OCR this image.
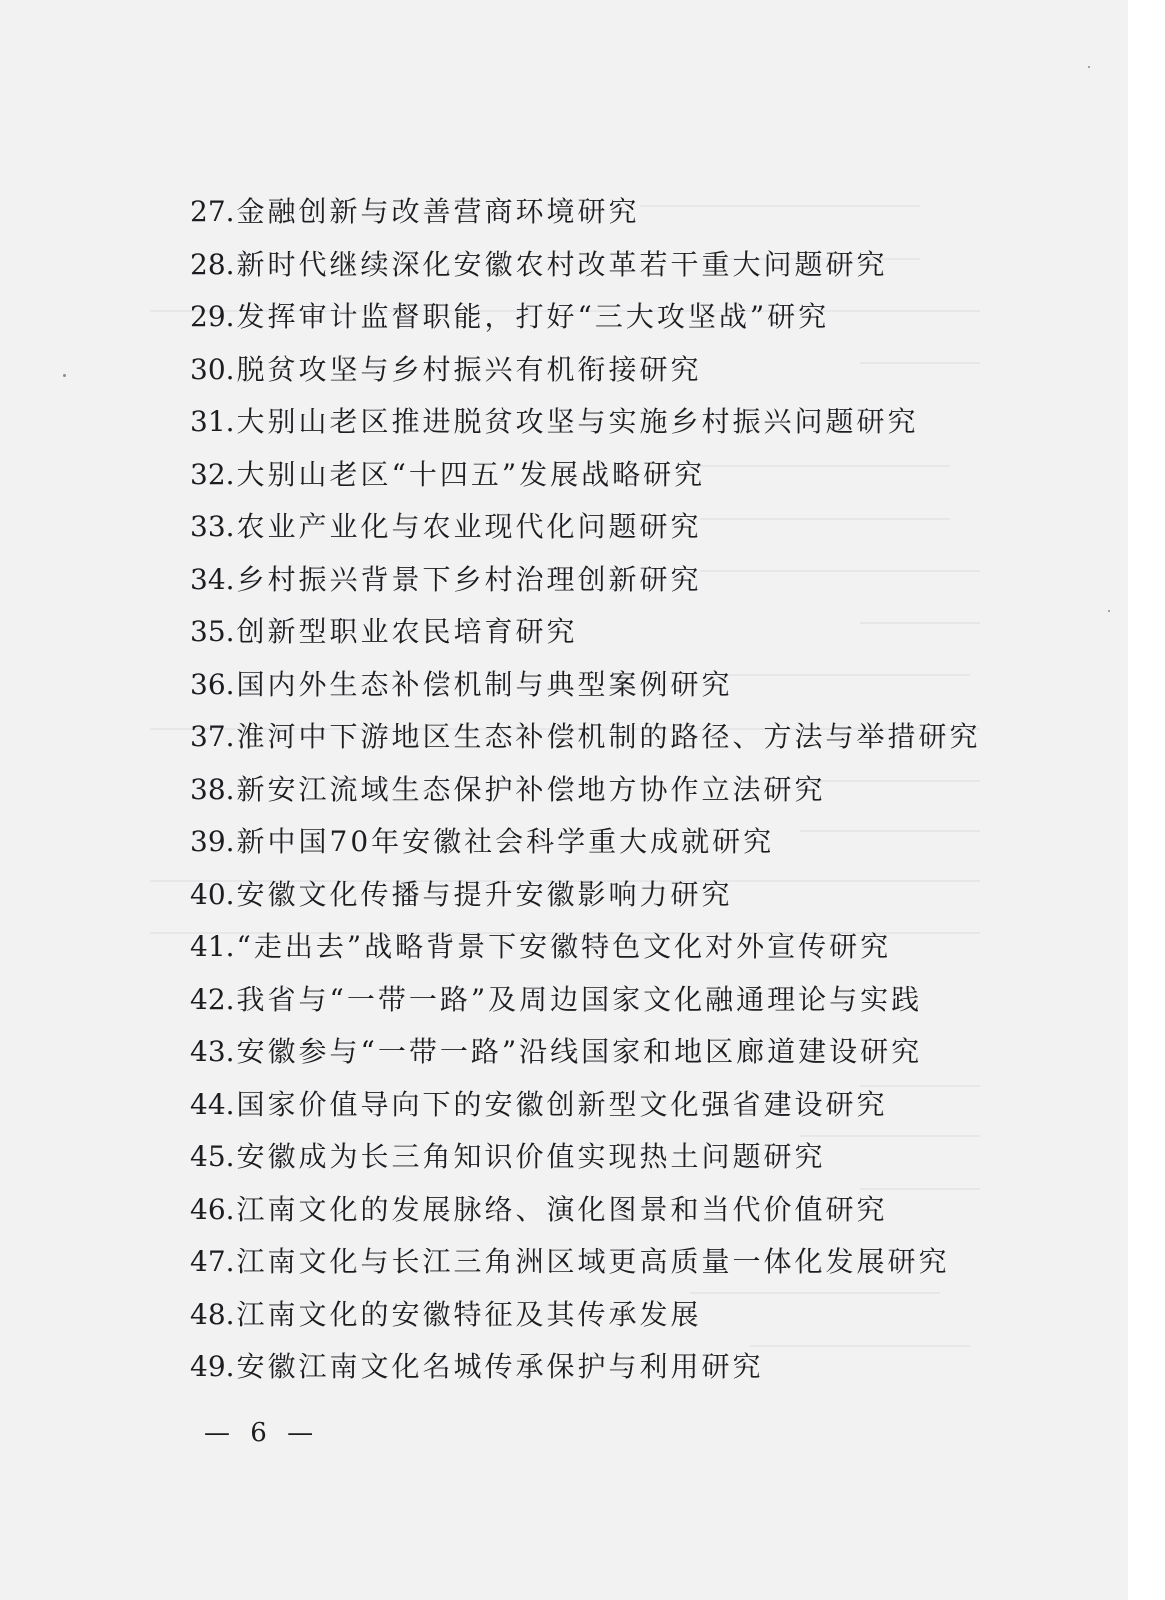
27.金融创新与改善营商环境研究
28.新时代继续深化安徽农村改革若干重大问题研究
29.发挥审计监督职能，打好“三大攻坚战”研究
30.脱贫攻坚与乡村振兴有机衔接研究
31.大别山老区推进脱贫攻坚与实施乡村振兴问题研究
32.大别山老区“十四五”发展战略研究
33.农业产业化与农业现代化问题研究
34.乡村振兴背景下乡村治理创新研究
35.创新型职业农民培育研究
36.国内外生态补偿机制与典型案例研究
37.淮河中下游地区生态补偿机制的路径、方法与举措研究
38.新安江流域生态保护补偿地方协作立法研究
39.新中国70年安徽社会科学重大成就研究
40.安徽文化传播与提升安徽影响力研究
41.“走出去”战略背景下安徽特色文化对外宣传研究
42.我省与“一带一路”及周边国家文化融通理论与实践
43.安徽参与“一带一路”沿线国家和地区廊道建设研究
44.国家价值导向下的安徽创新型文化强省建设研究
45.安徽成为长三角知识价值实现热土问题研究
46.江南文化的发展脉络、演化图景和当代价值研究
47.江南文化与长江三角洲区域更高质量一体化发展研究
48.江南文化的安徽特征及其传承发展
49.安徽江南文化名城传承保护与利用研究
— 6 —
